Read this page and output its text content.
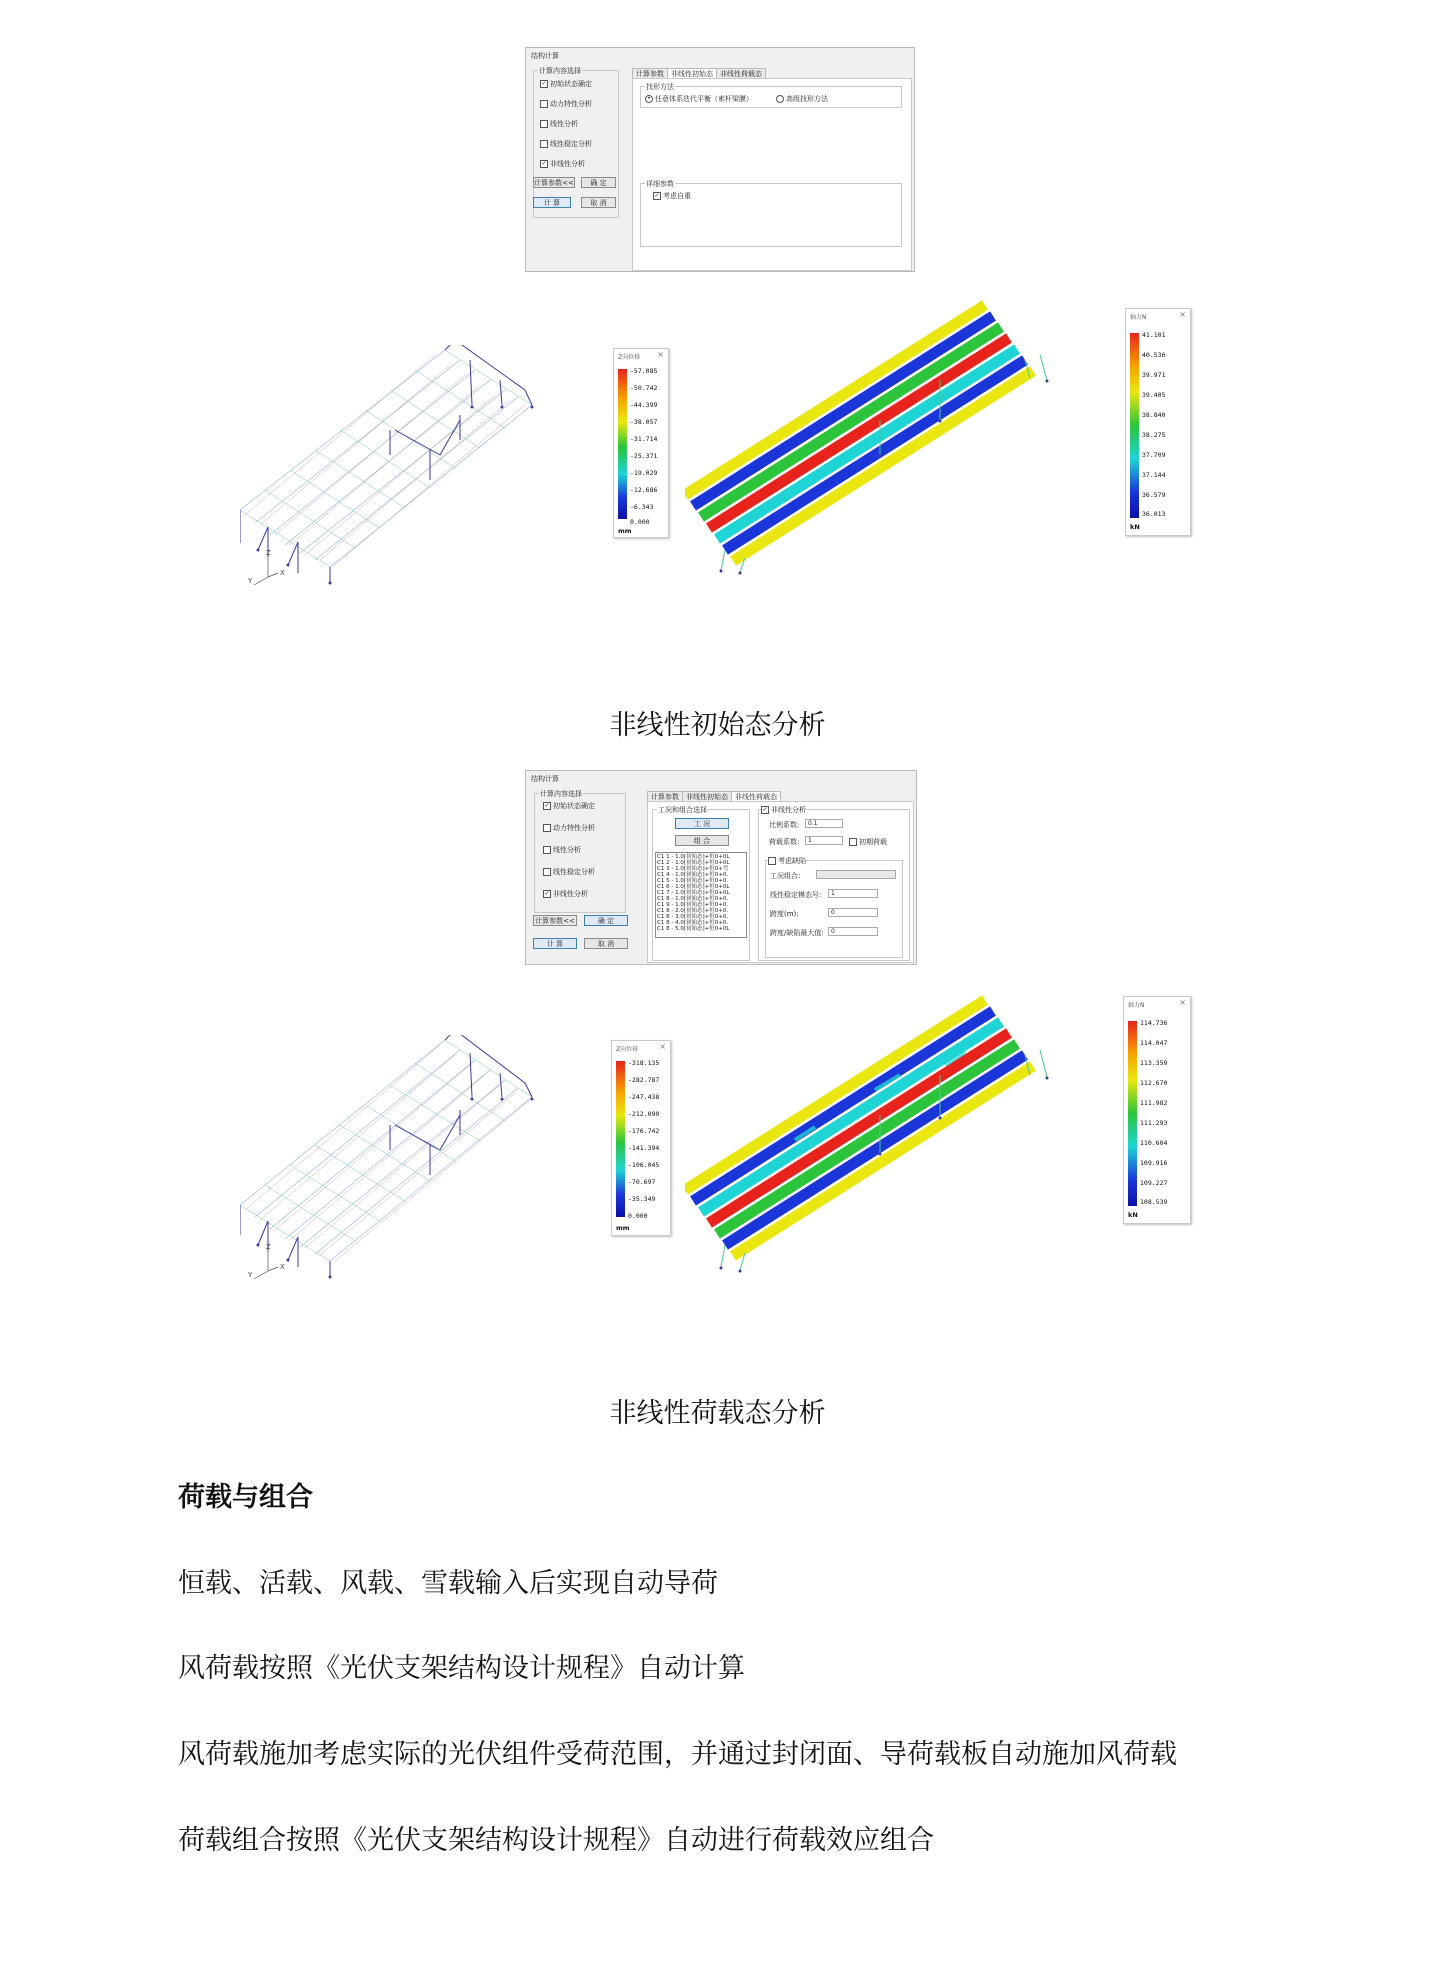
结构计算
计算内容选择
✓ 初始状态确定
动力特性分析
线性分析
线性稳定分析
✓ 非线性分析
计算参数<<	确 定
计 算	取 消
计算参数	非线性初始态	非线性荷载态
找形方法
• 任意体系迭代平衡（索杆梁膜）	高级找形方法
详细参数
✓ 考虑自重
Z
Y
X
Z向位移 ×
-57.085
-50.742
-44.399
-38.057
-31.714
-25.371
-19.029
-12.686
-6.343
0.000
mm
轴力N	×
41.101
40.536
39.971
39.405
38.840
38.275
37.709
37.144
36.579
36.013
kN
非线性初始态分析
结构计算
计算内容选择
✓ 初始状态确定
动力特性分析
线性分析
线性稳定分析
✓ 非线性分析
计算参数<<	确 定
计 算	取 消
计算参数	非线性初始态	非线性荷载态
工况和组合选择
工 况
组 合
C1 1 - 1.0[初始态]+恒0+0L
C1 2 - 1.0[初始态]+恒0+0L
C1 3 - 1.0[初始态]+恒0+雪
C1 4 - 1.0[初始态]+恒0+0.
C1 5 - 1.0[初始态]+恒0+0.
C1 6 - 1.0[初始态]+恒0+0L
C1 7 - 1.0[初始态]+恒0+0L
C1 8 - 1.0[初始态]+恒0+0.
C1 9 - 1.0[初始态]+恒0+0.
C1 8 - 2.0[初始态]+恒0+0.
C1 8 - 3.0[初始态]+恒0+0.
C1 8 - 4.0[初始态]+恒0+0.
C1 8 - 5.0[初始态]+恒0+0L
✓ 非线性分析
比例系数:	0.1
荷载系数:	1	初期荷载
考虑缺陷
工况组合:
线性稳定模态号:	1
跨度(m):	0
跨度/缺陷最大值:	0
Z
Y
X
Z向位移	×
-318.135
-282.787
-247.438
-212.090
-176.742
-141.394
-106.045
-70.697
-35.349
0.000
mm
轴力N	×
114.736
114.047
113.359
112.670
111.982
111.293
110.604
109.916
109.227
108.539
kN
非线性荷载态分析
荷载与组合
恒载、活载、风载、雪载输入后实现自动导荷
风荷载按照《光伏支架结构设计规程》自动计算
风荷载施加考虑实际的光伏组件受荷范围，并通过封闭面、导荷载板自动施加风荷载
荷载组合按照《光伏支架结构设计规程》自动进行荷载效应组合
